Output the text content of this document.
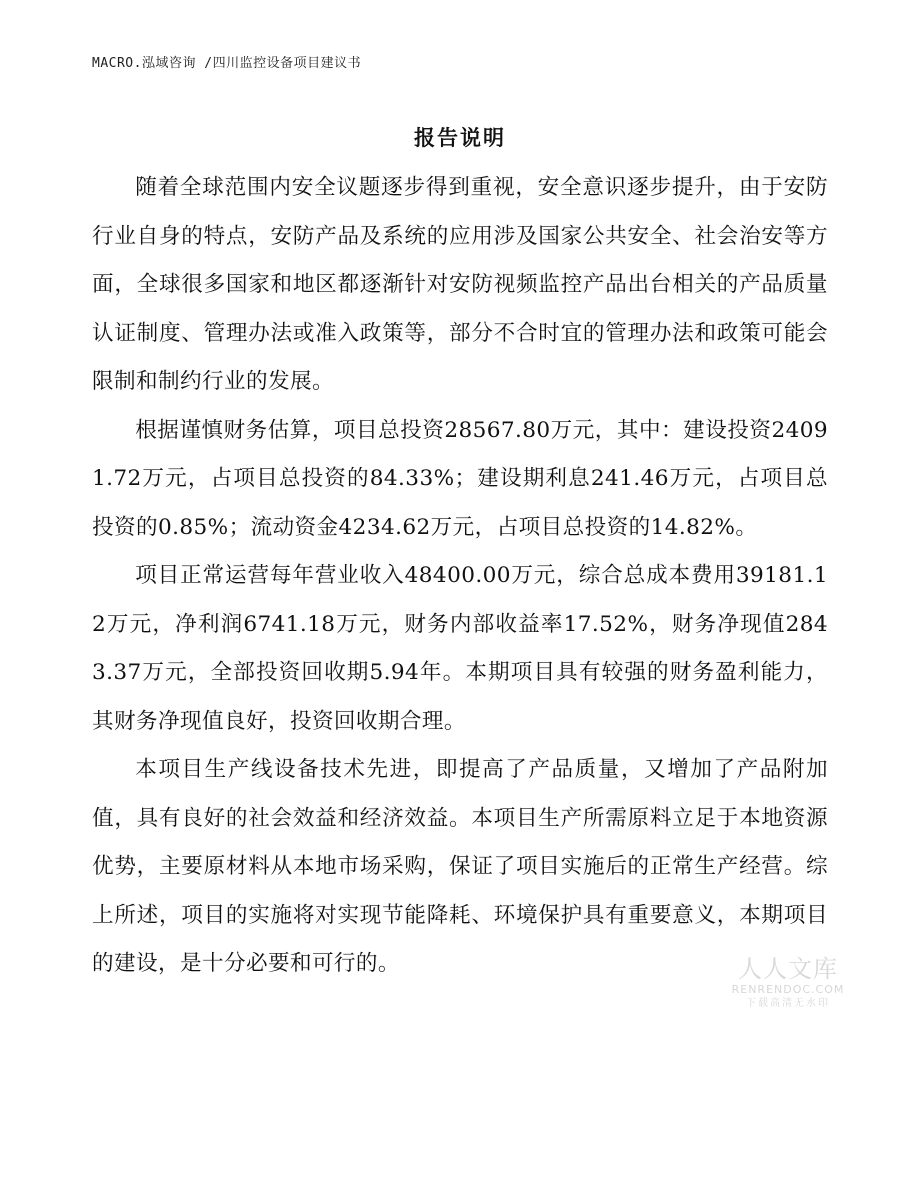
MACRO.泓域咨询 /四川监控设备项目建议书
报告说明

随着全球范围内安全议题逐步得到重视，安全意识逐步提升，由于安防行业自身的特点，安防产品及系统的应用涉及国家公共安全、社会治安等方面，全球很多国家和地区都逐渐针对安防视频监控产品出台相关的产品质量认证制度、管理办法或准入政策等，部分不合时宜的管理办法和政策可能会限制和制约行业的发展。

根据谨慎财务估算，项目总投资28567.80万元，其中：建设投资24091.72万元，占项目总投资的84.33%；建设期利息241.46万元，占项目总投资的0.85%；流动资金4234.62万元，占项目总投资的14.82%。

项目正常运营每年营业收入48400.00万元，综合总成本费用39181.12万元，净利润6741.18万元，财务内部收益率17.52%，财务净现值2843.37万元，全部投资回收期5.94年。本期项目具有较强的财务盈利能力，其财务净现值良好，投资回收期合理。

本项目生产线设备技术先进，即提高了产品质量，又增加了产品附加值，具有良好的社会效益和经济效益。本项目生产所需原料立足于本地资源优势，主要原材料从本地市场采购，保证了项目实施后的正常生产经营。综上所述，项目的实施将对实现节能降耗、环境保护具有重要意义，本期项目的建设，是十分必要和可行的。	人人文库
RENRENDOC.COM
下载高清无水印
